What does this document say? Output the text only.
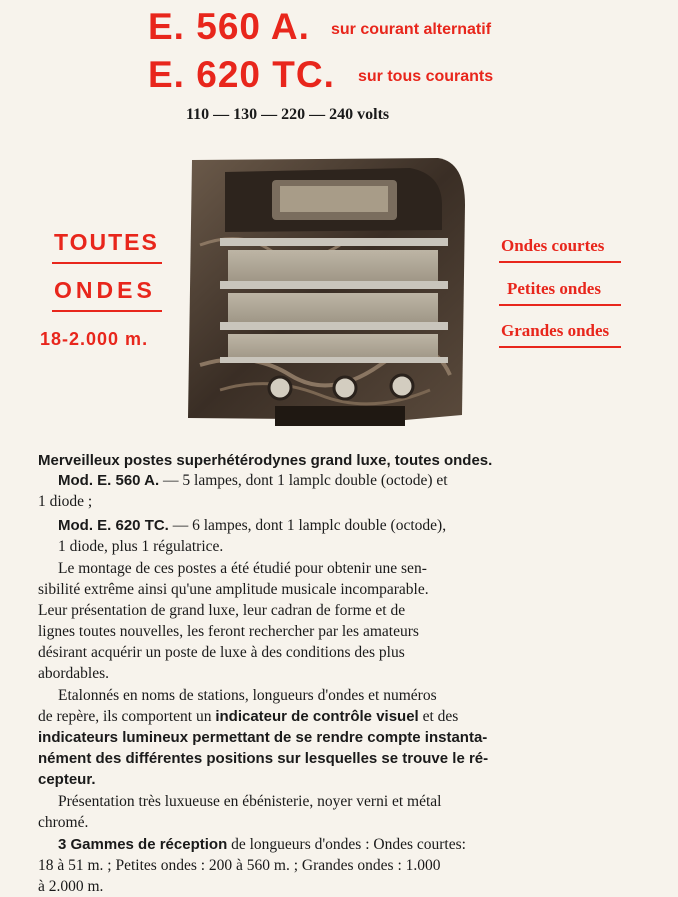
E. 560 A. sur courant alternatif
E. 620 TC. sur tous courants
110 — 130 — 220 — 240 volts
TOUTES
ONDES
18-2.000 m.
Ondes courtes
Petites ondes
Grandes ondes
Merveilleux postes superhétérodynes grand luxe, toutes ondes.
Mod. E. 560 A. — 5 lampes, dont 1 lamplc double (octode) et
1 diode ;
Mod. E. 620 TC. — 6 lampes, dont 1 lamplc double (octode),
1 diode, plus 1 régulatrice.
Le montage de ces postes a été étudié pour obtenir une sen-
sibilité extrême ainsi qu'une amplitude musicale incomparable.
Leur présentation de grand luxe, leur cadran de forme et de
lignes toutes nouvelles, les feront rechercher par les amateurs
désirant acquérir un poste de luxe à des conditions des plus
abordables.
Etalonnés en noms de stations, longueurs d'ondes et numéros
de repère, ils comportent un indicateur de contrôle visuel et des
indicateurs lumineux permettant de se rendre compte instanta-
nément des différentes positions sur lesquelles se trouve le ré-
cepteur.
Présentation très luxueuse en ébénisterie, noyer verni et métal
chromé.
3 Gammes de réception de longueurs d'ondes : Ondes courtes:
18 à 51 m. ; Petites ondes : 200 à 560 m. ; Grandes ondes : 1.000
à 2.000 m.
